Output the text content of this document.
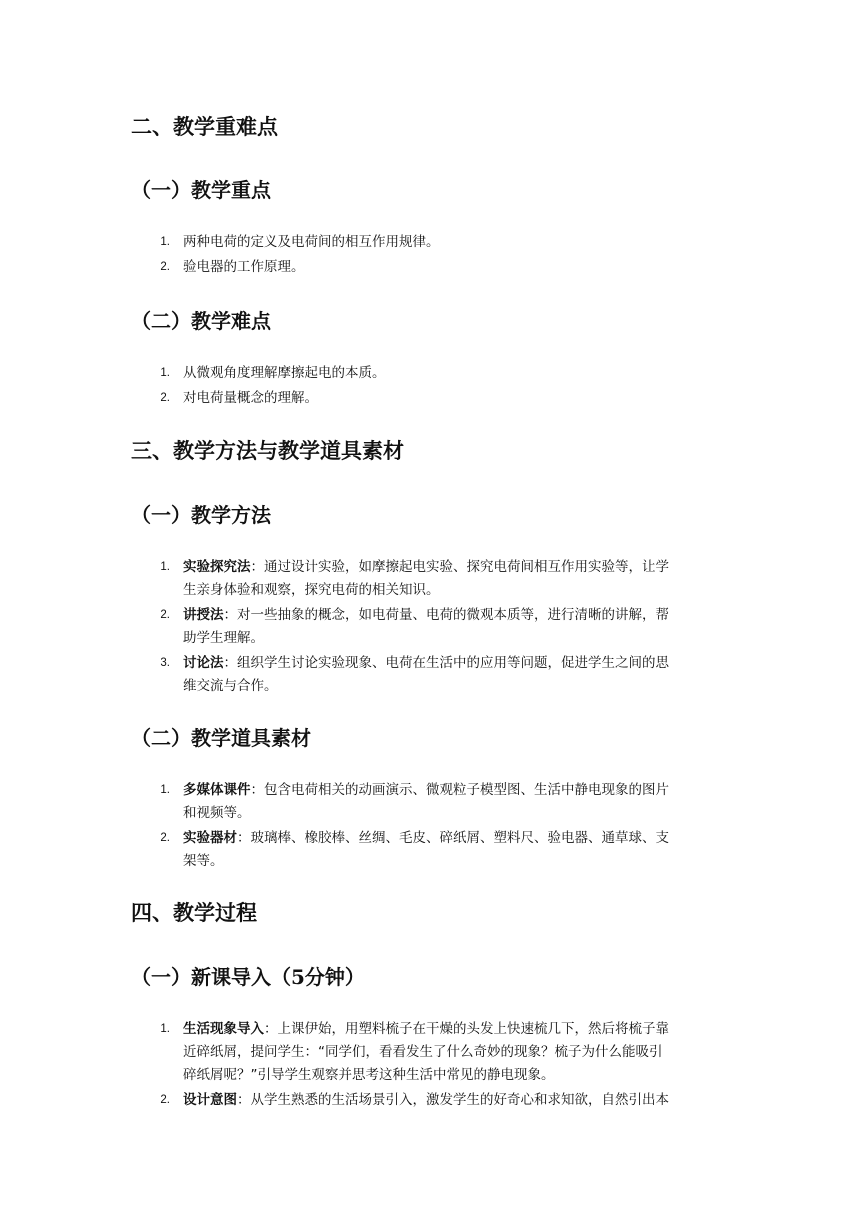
二、教学重难点
（一）教学重点
1. 两种电荷的定义及电荷间的相互作用规律。
2. 验电器的工作原理。
（二）教学难点
1. 从微观角度理解摩擦起电的本质。
2. 对电荷量概念的理解。
三、教学方法与教学道具素材
（一）教学方法
1. 实验探究法：通过设计实验，如摩擦起电实验、探究电荷间相互作用实验等，让学
生亲身体验和观察，探究电荷的相关知识。
2. 讲授法：对一些抽象的概念，如电荷量、电荷的微观本质等，进行清晰的讲解，帮
助学生理解。
3. 讨论法：组织学生讨论实验现象、电荷在生活中的应用等问题，促进学生之间的思
维交流与合作。
（二）教学道具素材
1. 多媒体课件：包含电荷相关的动画演示、微观粒子模型图、生活中静电现象的图片
和视频等。
2. 实验器材：玻璃棒、橡胶棒、丝绸、毛皮、碎纸屑、塑料尺、验电器、通草球、支
架等。
四、教学过程
（一）新课导入（5分钟）
1. 生活现象导入：上课伊始，用塑料梳子在干燥的头发上快速梳几下，然后将梳子靠
近碎纸屑，提问学生：“同学们，看看发生了什么奇妙的现象？梳子为什么能吸引
碎纸屑呢？”引导学生观察并思考这种生活中常见的静电现象。
2. 设计意图：从学生熟悉的生活场景引入，激发学生的好奇心和求知欲，自然引出本
